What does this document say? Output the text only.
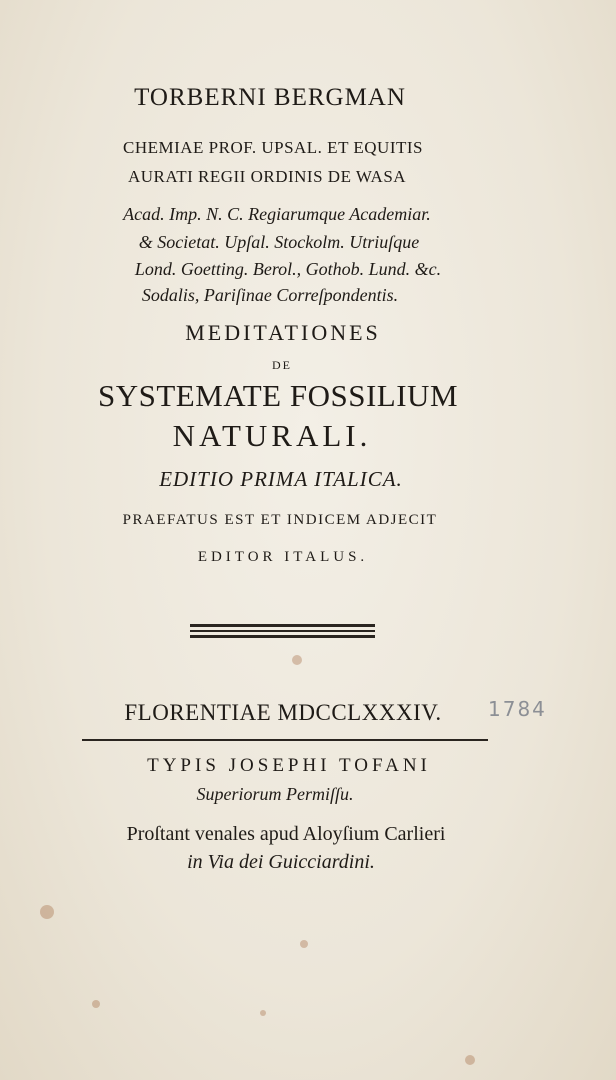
TORBERNI BERGMAN
CHEMIAE PROF. UPSAL. ET EQUITIS
AURATI REGII ORDINIS DE WASA
Acad. Imp. N. C. Regiarumque Academiar.
& Societat. Upſal. Stockolm. Utriuſque
Lond. Goetting. Berol., Gothob. Lund. &c.
Sodalis, Pariſinae Correſpondentis.
MEDITATIONES
DE
SYSTEMATE FOSSILIUM
NATURALI.
EDITIO PRIMA ITALICA.
PRAEFATUS EST ET INDICEM ADJECIT
EDITOR ITALUS.
FLORENTIAE MDCCLXXXIV.	1784
TYPIS JOSEPHI TOFANI
Superiorum Permiſſu.
Proſtant venales apud Aloyſium Carlieri
in Via dei Guicciardini.
